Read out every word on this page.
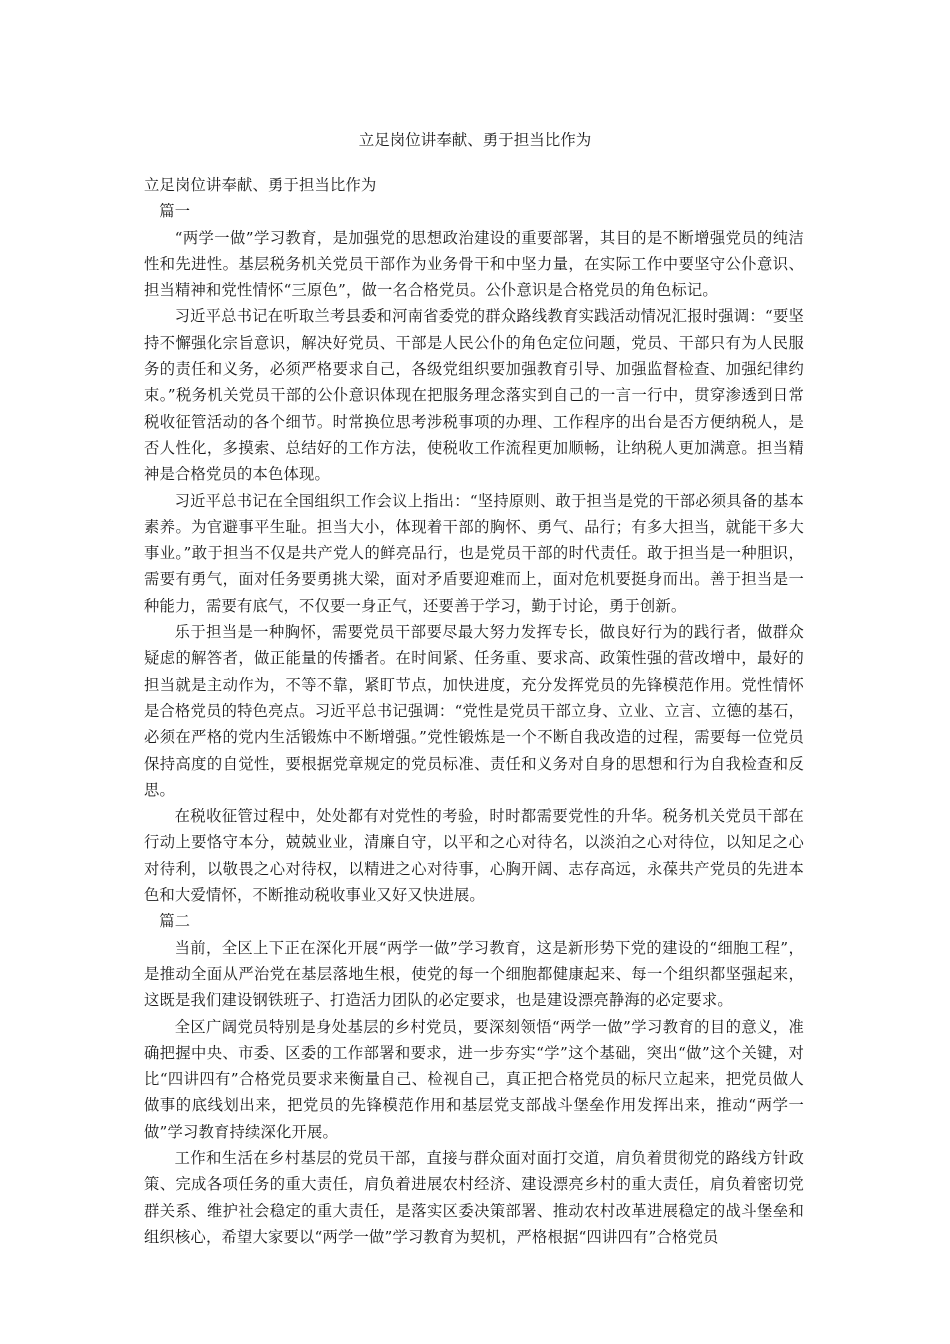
立足岗位讲奉献、勇于担当比作为

立足岗位讲奉献、勇于担当比作为

篇一

“两学一做”学习教育，是加强党的思想政治建设的重要部署，其目的是不断增强党员的纯洁性和先进性。基层税务机关党员干部作为业务骨干和中坚力量，在实际工作中要坚守公仆意识、担当精神和党性情怀“三原色”，做一名合格党员。公仆意识是合格党员的角色标记。

习近平总书记在听取兰考县委和河南省委党的群众路线教育实践活动情况汇报时强调：“要坚持不懈强化宗旨意识，解决好党员、干部是人民公仆的角色定位问题，党员、干部只有为人民服务的责任和义务，必须严格要求自己，各级党组织要加强教育引导、加强监督检查、加强纪律约束。”税务机关党员干部的公仆意识体现在把服务理念落实到自己的一言一行中，贯穿渗透到日常税收征管活动的各个细节。时常换位思考涉税事项的办理、工作程序的出台是否方便纳税人，是否人性化，多摸索、总结好的工作方法，使税收工作流程更加顺畅，让纳税人更加满意。担当精神是合格党员的本色体现。

习近平总书记在全国组织工作会议上指出：“坚持原则、敢于担当是党的干部必须具备的基本素养。为官避事平生耻。担当大小，体现着干部的胸怀、勇气、品行；有多大担当，就能干多大事业。”敢于担当不仅是共产党人的鲜亮品行，也是党员干部的时代责任。敢于担当是一种胆识，需要有勇气，面对任务要勇挑大梁，面对矛盾要迎难而上，面对危机要挺身而出。善于担当是一种能力，需要有底气，不仅要一身正气，还要善于学习，勤于讨论，勇于创新。

乐于担当是一种胸怀，需要党员干部要尽最大努力发挥专长，做良好行为的践行者，做群众疑虑的解答者，做正能量的传播者。在时间紧、任务重、要求高、政策性强的营改增中，最好的担当就是主动作为，不等不靠，紧盯节点，加快进度，充分发挥党员的先锋模范作用。党性情怀是合格党员的特色亮点。习近平总书记强调：“党性是党员干部立身、立业、立言、立德的基石，必须在严格的党内生活锻炼中不断增强。”党性锻炼是一个不断自我改造的过程，需要每一位党员保持高度的自觉性，要根据党章规定的党员标准、责任和义务对自身的思想和行为自我检查和反思。

在税收征管过程中，处处都有对党性的考验，时时都需要党性的升华。税务机关党员干部在行动上要恪守本分，兢兢业业，清廉自守，以平和之心对待名，以淡泊之心对待位，以知足之心对待利，以敬畏之心对待权，以精进之心对待事，心胸开阔、志存高远，永葆共产党员的先进本色和大爱情怀，不断推动税收事业又好又快进展。

篇二

当前，全区上下正在深化开展“两学一做”学习教育，这是新形势下党的建设的“细胞工程”，是推动全面从严治党在基层落地生根，使党的每一个细胞都健康起来、每一个组织都坚强起来，这既是我们建设钢铁班子、打造活力团队的必定要求，也是建设漂亮静海的必定要求。

全区广阔党员特别是身处基层的乡村党员，要深刻领悟“两学一做”学习教育的目的意义，准确把握中央、市委、区委的工作部署和要求，进一步夯实“学”这个基础，突出“做”这个关键，对比“四讲四有”合格党员要求来衡量自己、检视自己，真正把合格党员的标尺立起来，把党员做人做事的底线划出来，把党员的先锋模范作用和基层党支部战斗堡垒作用发挥出来，推动“两学一做”学习教育持续深化开展。

工作和生活在乡村基层的党员干部，直接与群众面对面打交道，肩负着贯彻党的路线方针政策、完成各项任务的重大责任，肩负着进展农村经济、建设漂亮乡村的重大责任，肩负着密切党群关系、维护社会稳定的重大责任，是落实区委决策部署、推动农村改革进展稳定的战斗堡垒和组织核心，希望大家要以“两学一做”学习教育为契机，严格根据“四讲四有”合格党员
